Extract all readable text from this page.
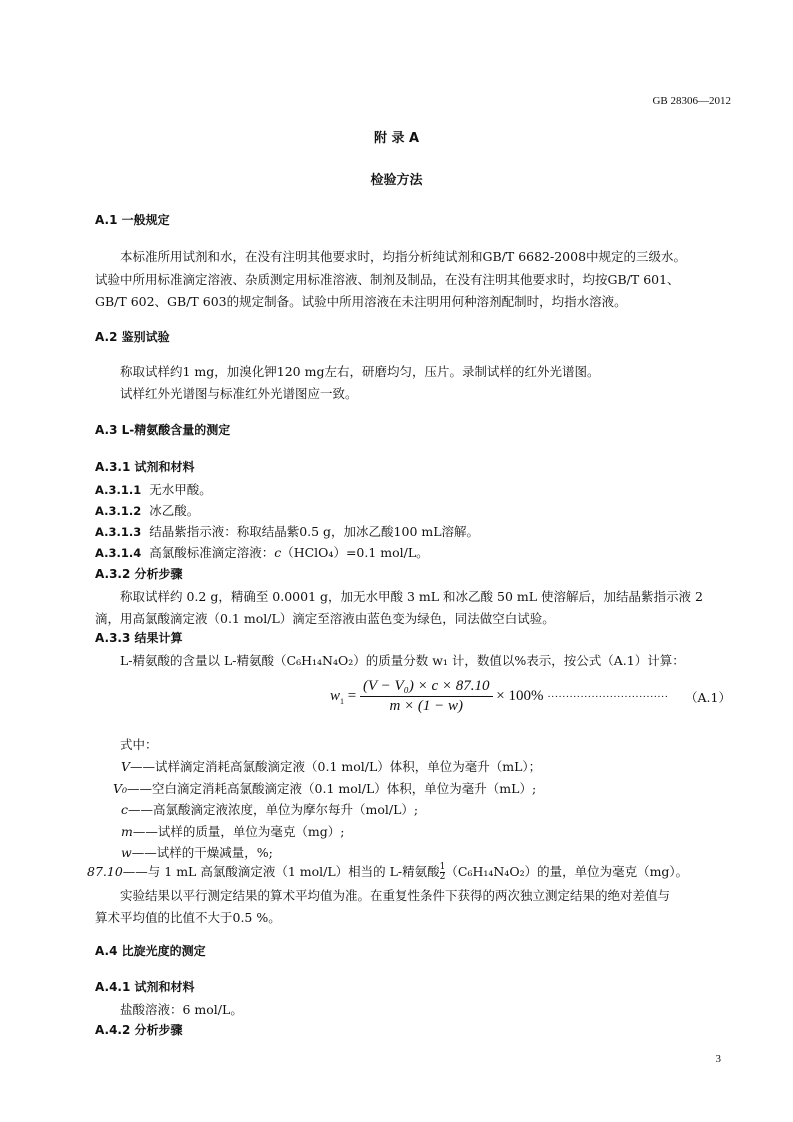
GB 28306—2012
附 录 A
检验方法
A.1 一般规定
本标准所用试剂和水，在没有注明其他要求时，均指分析纯试剂和GB/T 6682-2008中规定的三级水。
试验中所用标准滴定溶液、杂质测定用标准溶液、制剂及制品，在没有注明其他要求时，均按GB/T 601、
GB/T 602、GB/T 603的规定制备。试验中所用溶液在未注明用何种溶剂配制时，均指水溶液。
A.2 鉴别试验
称取试样约1 mg，加溴化钾120 mg左右，研磨均匀，压片。录制试样的红外光谱图。
试样红外光谱图与标准红外光谱图应一致。
A.3 L-精氨酸含量的测定
A.3.1 试剂和材料
A.3.1.1 无水甲酸。
A.3.1.2 冰乙酸。
A.3.1.3 结晶紫指示液：称取结晶紫0.5 g，加冰乙酸100 mL溶解。
A.3.1.4 高氯酸标准滴定溶液：c（HClO₄）=0.1 mol/L。
A.3.2 分析步骤
称取试样约 0.2 g，精确至 0.0001 g，加无水甲酸 3 mL 和冰乙酸 50 mL 使溶解后，加结晶紫指示液 2
滴，用高氯酸滴定液（0.1 mol/L）滴定至溶液由蓝色变为绿色，同法做空白试验。
A.3.3 结果计算
L-精氨酸的含量以 L-精氨酸（C₆H₁₄N₄O₂）的质量分数 w₁ 计，数值以%表示，按公式（A.1）计算：
$w_1 = \frac{\text{(V − V₀) × c × 87.10}}{m \times (1 - w)} \times 100\%$ ································· （A.1）
式中：
V——试样滴定消耗高氯酸滴定液（0.1 mol/L）体积，单位为毫升（mL）；
V₀——空白滴定消耗高氯酸滴定液（0.1 mol/L）体积，单位为毫升（mL）;
c——高氯酸滴定液浓度，单位为摩尔每升（mol/L）;
m——试样的质量，单位为毫克（mg）;
w——试样的干燥减量，%;
87.10——与 1 mL 高氯酸滴定液（1 mol/L）相当的 L-精氨酸 $\frac{1}{2}(C_6H_{14}N_4O_2)$的量，单位为毫克（mg）。
实验结果以平行测定结果的算术平均值为准。在重复性条件下获得的两次独立测定结果的绝对差值与
算术平均值的比值不大于0.5 %。
A.4 比旋光度的测定
A.4.1 试剂和材料
盐酸溶液：6 mol/L。
A.4.2 分析步骤
3
